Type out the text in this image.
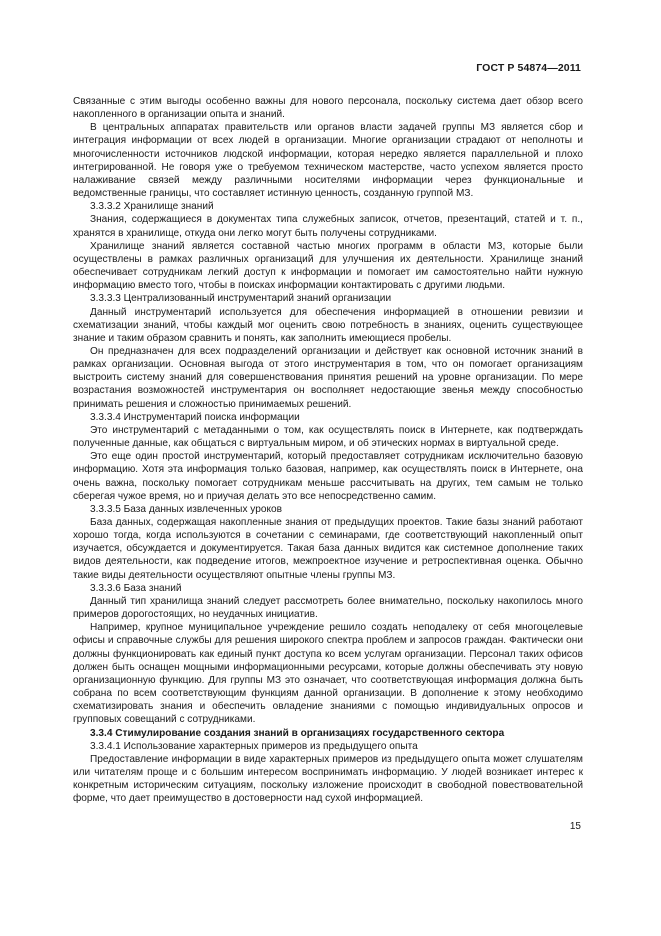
ГОСТ Р 54874—2011

Связанные с этим выгоды особенно важны для нового персонала, поскольку система дает обзор всего накопленного в организации опыта и знаний.

В центральных аппаратах правительств или органов власти задачей группы МЗ является сбор и интеграция информации от всех людей в организации. Многие организации страдают от неполноты и многочисленности источников людской информации, которая нередко является параллельной и плохо интегрированной. Не говоря уже о требуемом техническом мастерстве, часто успехом является просто налаживание связей между различными носителями информации через функциональные и ведомственные границы, что составляет истинную ценность, созданную группой МЗ.

3.3.3.2 Хранилище знаний

Знания, содержащиеся в документах типа служебных записок, отчетов, презентаций, статей и т. п., хранятся в хранилище, откуда они легко могут быть получены сотрудниками.

Хранилище знаний является составной частью многих программ в области МЗ, которые были осуществлены в рамках различных организаций для улучшения их деятельности. Хранилище знаний обеспечивает сотрудникам легкий доступ к информации и помогает им самостоятельно найти нужную информацию вместо того, чтобы в поисках информации контактировать с другими людьми.

3.3.3.3 Централизованный инструментарий знаний организации

Данный инструментарий используется для обеспечения информацией в отношении ревизии и схематизации знаний, чтобы каждый мог оценить свою потребность в знаниях, оценить существующее знание и таким образом сравнить и понять, как заполнить имеющиеся пробелы.

Он предназначен для всех подразделений организации и действует как основной источник знаний в рамках организации. Основная выгода от этого инструментария в том, что он помогает организациям выстроить систему знаний для совершенствования принятия решений на уровне организации. По мере возрастания возможностей инструментария он восполняет недостающие звенья между способностью принимать решения и сложностью принимаемых решений.

3.3.3.4 Инструментарий поиска информации

Это инструментарий с метаданными о том, как осуществлять поиск в Интернете, как подтверждать полученные данные, как общаться с виртуальным миром, и об этических нормах в виртуальной среде.

Это еще один простой инструментарий, который предоставляет сотрудникам исключительно базовую информацию. Хотя эта информация только базовая, например, как осуществлять поиск в Интернете, она очень важна, поскольку помогает сотрудникам меньше рассчитывать на других, тем самым не только сберегая чужое время, но и приучая делать это все непосредственно самим.

3.3.3.5 База данных извлеченных уроков

База данных, содержащая накопленные знания от предыдущих проектов. Такие базы знаний работают хорошо тогда, когда используются в сочетании с семинарами, где соответствующий накопленный опыт изучается, обсуждается и документируется. Такая база данных видится как системное дополнение таких видов деятельности, как подведение итогов, межпроектное изучение и ретроспективная оценка. Обычно такие виды деятельности осуществляют опытные члены группы МЗ.

3.3.3.6 База знаний

Данный тип хранилища знаний следует рассмотреть более внимательно, поскольку накопилось много примеров дорогостоящих, но неудачных инициатив.

Например, крупное муниципальное учреждение решило создать неподалеку от себя многоцелевые офисы и справочные службы для решения широкого спектра проблем и запросов граждан. Фактически они должны функционировать как единый пункт доступа ко всем услугам организации. Персонал таких офисов должен быть оснащен мощными информационными ресурсами, которые должны обеспечивать эту новую организационную функцию. Для группы МЗ это означает, что соответствующая информация должна быть собрана по всем соответствующим функциям данной организации. В дополнение к этому необходимо схематизировать знания и обеспечить овладение знаниями с помощью индивидуальных опросов и групповых совещаний с сотрудниками.

3.3.4 Стимулирование создания знаний в организациях государственного сектора

3.3.4.1 Использование характерных примеров из предыдущего опыта

Предоставление информации в виде характерных примеров из предыдущего опыта может слушателям или читателям проще и с большим интересом воспринимать информацию. У людей возникает интерес к конкретным историческим ситуациям, поскольку изложение происходит в свободной повествовательной форме, что дает преимущество в достоверности над сухой информацией.

15
